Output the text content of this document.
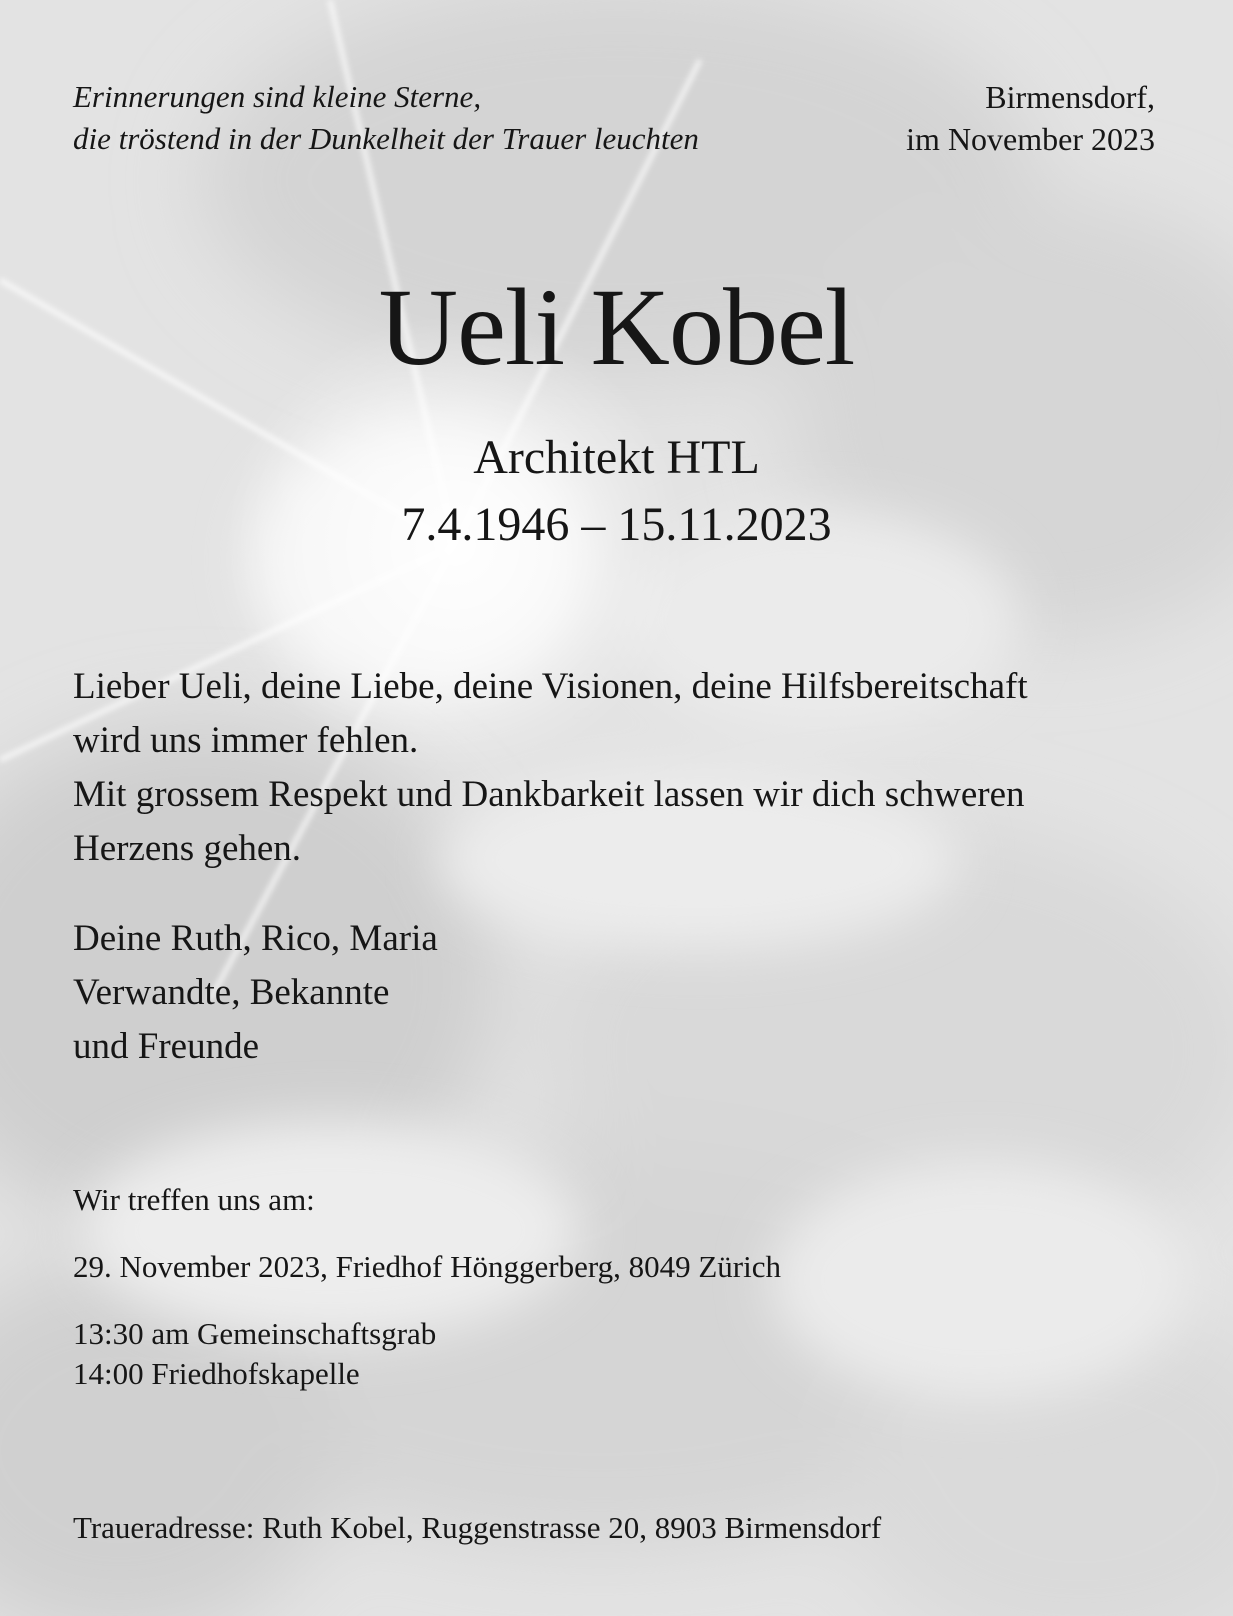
Erinnerungen sind kleine Sterne,
die tröstend in der Dunkelheit der Trauer leuchten
Birmensdorf,
im November 2023
Ueli Kobel
Architekt HTL
7.4.1946 – 15.11.2023
Lieber Ueli, deine Liebe, deine Visionen, deine Hilfsbereitschaft
wird uns immer fehlen.
Mit grossem Respekt und Dankbarkeit lassen wir dich schweren
Herzens gehen.
Deine Ruth, Rico, Maria
Verwandte, Bekannte
und Freunde
Wir treffen uns am:
29. November 2023, Friedhof Hönggerberg, 8049 Zürich
13:30 am Gemeinschaftsgrab
14:00 Friedhofskapelle
Traueradresse: Ruth Kobel, Ruggenstrasse 20, 8903 Birmensdorf
